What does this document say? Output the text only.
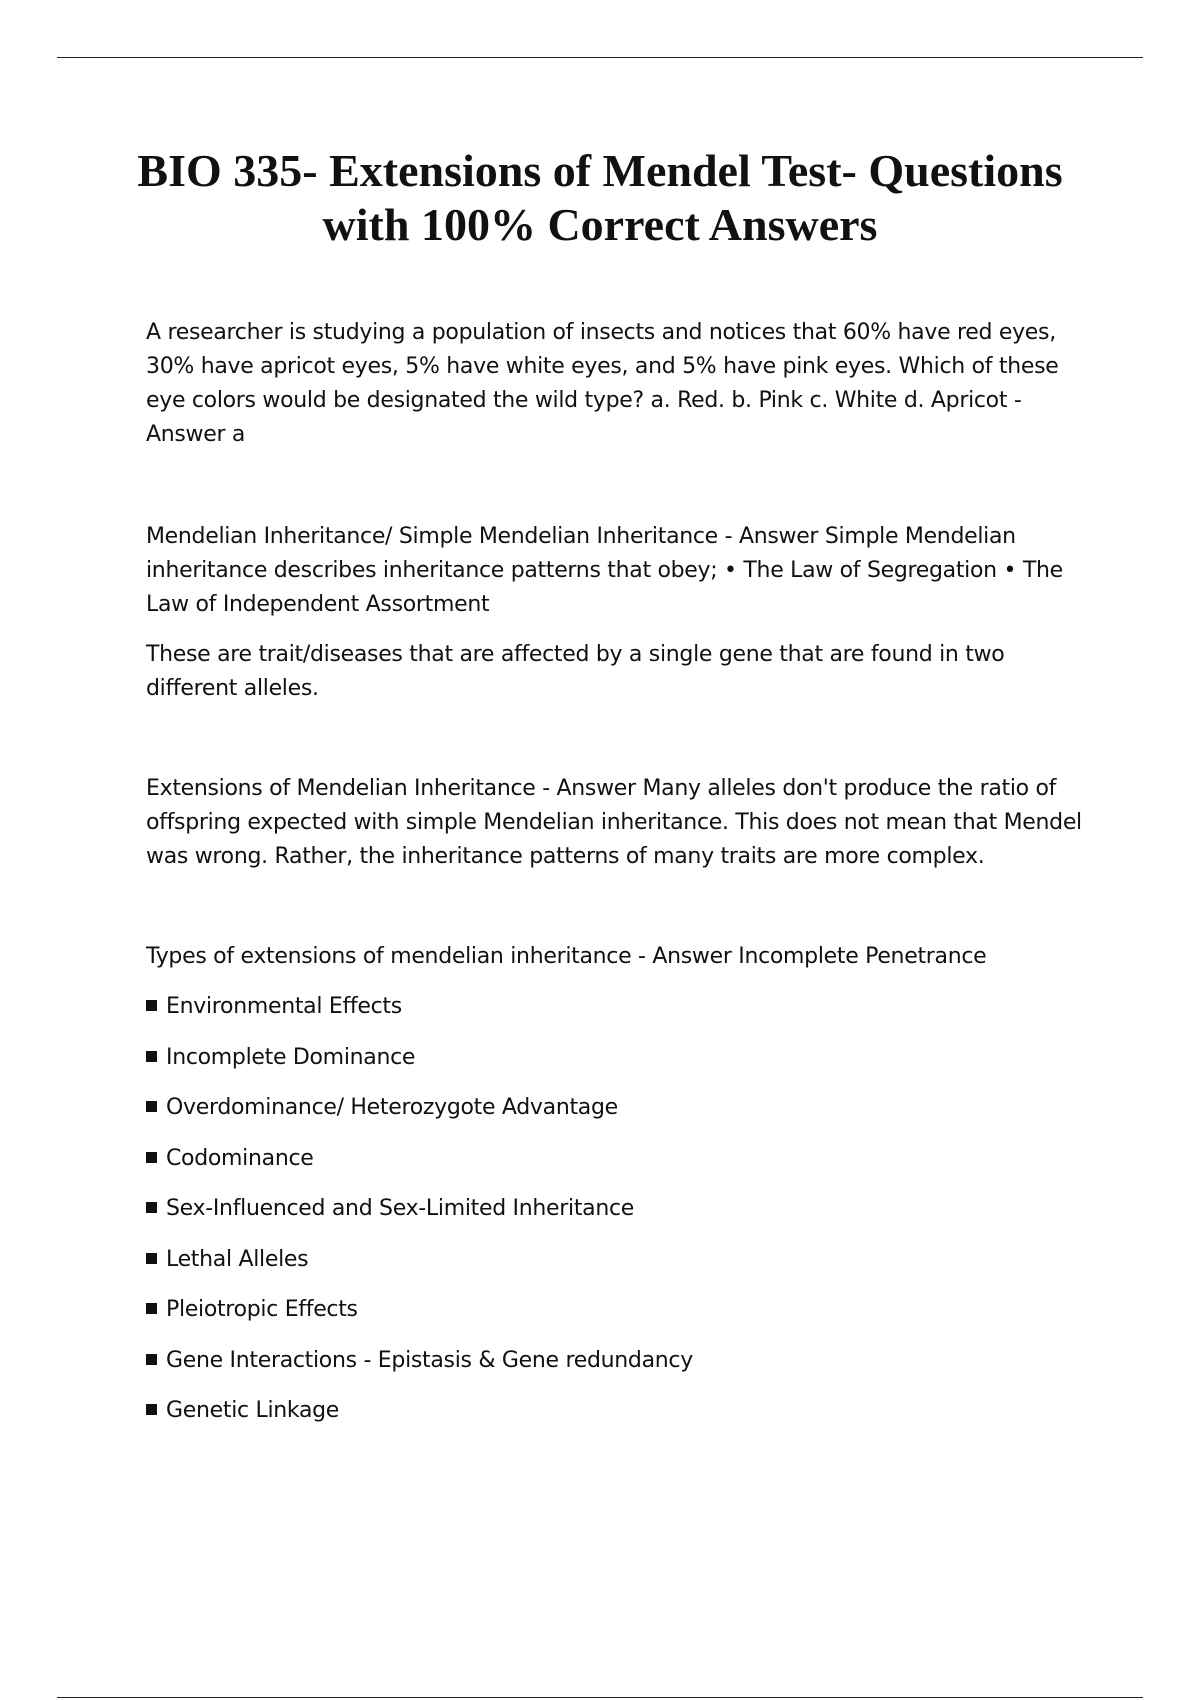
BIO 335- Extensions of Mendel Test- Questions
with 100% Correct Answers

A researcher is studying a population of insects and notices that 60% have red eyes, 30% have apricot eyes, 5% have white eyes, and 5% have pink eyes. Which of these eye colors would be designated the wild type? a. Red. b. Pink c. White d. Apricot - Answer a

Mendelian Inheritance/ Simple Mendelian Inheritance - Answer Simple Mendelian inheritance describes inheritance patterns that obey; • The Law of Segregation • The Law of Independent Assortment

These are trait/diseases that are affected by a single gene that are found in two different alleles.

Extensions of Mendelian Inheritance - Answer Many alleles don't produce the ratio of offspring expected with simple Mendelian inheritance. This does not mean that Mendel was wrong. Rather, the inheritance patterns of many traits are more complex.

Types of extensions of mendelian inheritance - Answer Incomplete Penetrance

Environmental Effects
Incomplete Dominance
Overdominance/ Heterozygote Advantage
Codominance
Sex-Influenced and Sex-Limited Inheritance
Lethal Alleles
Pleiotropic Effects
Gene Interactions - Epistasis & Gene redundancy
Genetic Linkage
